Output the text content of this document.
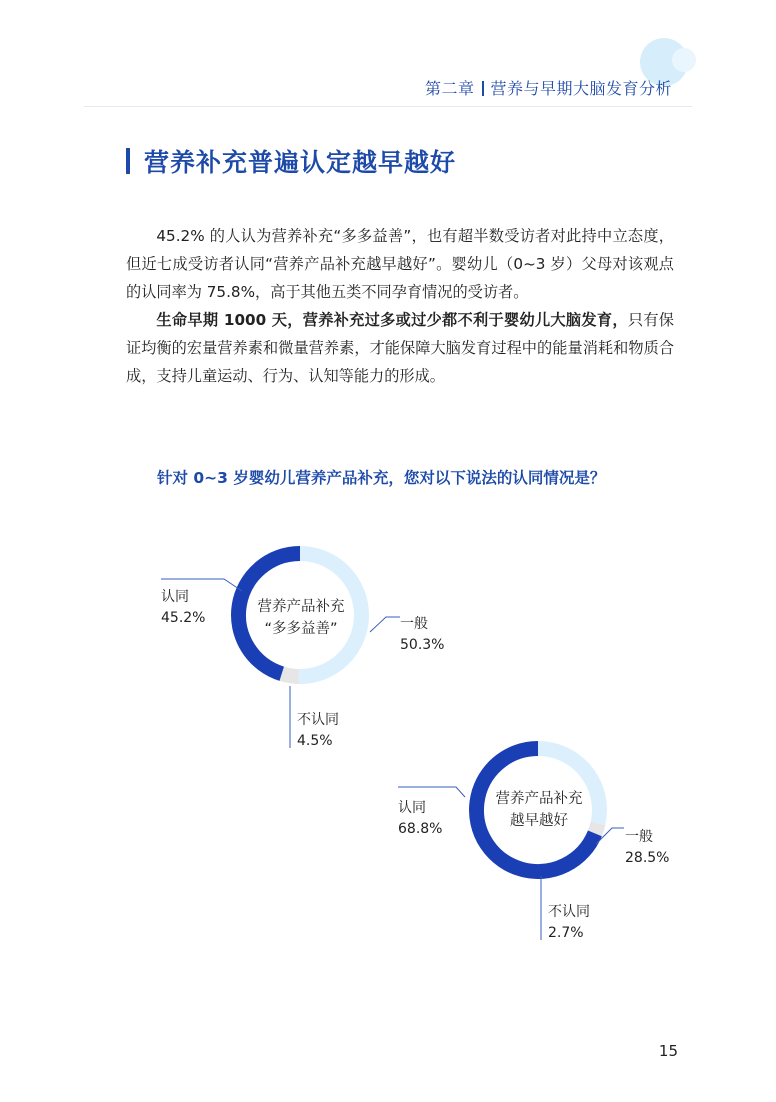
第二章 营养与早期大脑发育分析
营养补充普遍认定越早越好

45.2% 的人认为营养补充“多多益善”，也有超半数受访者对此持中立态度，但近七成受访者认同“营养产品补充越早越好”。婴幼儿（0~3 岁）父母对该观点的认同率为 75.8%，高于其他五类不同孕育情况的受访者。

生命早期 1000 天，营养补充过多或过少都不利于婴幼儿大脑发育，只有保证均衡的宏量营养素和微量营养素，才能保障大脑发育过程中的能量消耗和物质合成，支持儿童运动、行为、认知等能力的形成。

针对 0~3 岁婴幼儿营养产品补充，您对以下说法的认同情况是？
营养产品补充
“多多益善”
认同
45.2%	一般
50.3%
不认同
4.5%
营养产品补充
越早越好
认同
68.8%	一般
28.5%
不认同
2.7%
15
